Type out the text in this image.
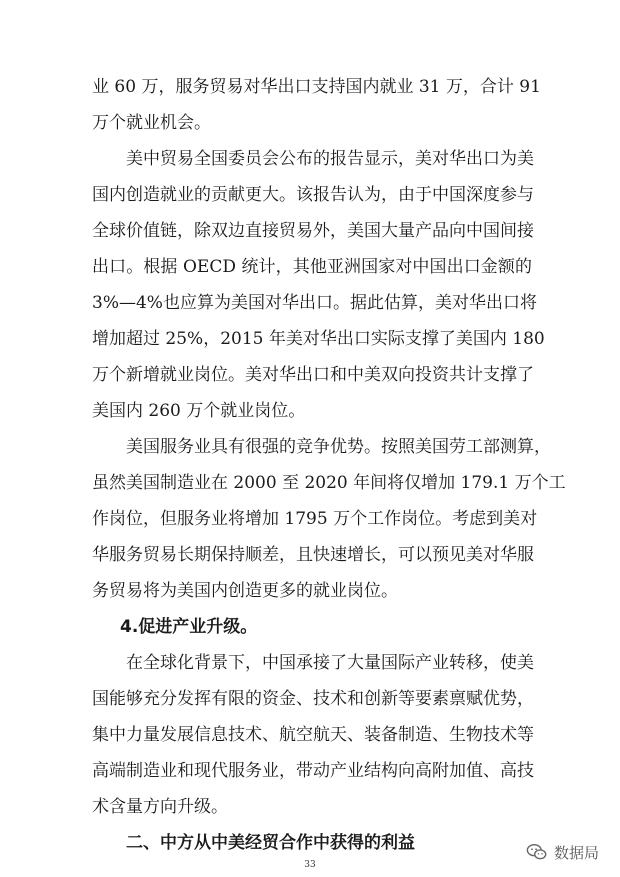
业 60 万，服务贸易对华出口支持国内就业 31 万，合计 91
万个就业机会。
美中贸易全国委员会公布的报告显示，美对华出口为美
国内创造就业的贡献更大。该报告认为，由于中国深度参与
全球价值链，除双边直接贸易外，美国大量产品向中国间接
出口。根据 OECD 统计，其他亚洲国家对中国出口金额的
3%—4%也应算为美国对华出口。据此估算，美对华出口将
增加超过 25%，2015 年美对华出口实际支撑了美国内 180
万个新增就业岗位。美对华出口和中美双向投资共计支撑了
美国内 260 万个就业岗位。
美国服务业具有很强的竞争优势。按照美国劳工部测算，
虽然美国制造业在 2000 至 2020 年间将仅增加 179.1 万个工
作岗位，但服务业将增加 1795 万个工作岗位。考虑到美对
华服务贸易长期保持顺差，且快速增长，可以预见美对华服
务贸易将为美国内创造更多的就业岗位。
4.促进产业升级。
在全球化背景下，中国承接了大量国际产业转移，使美
国能够充分发挥有限的资金、技术和创新等要素禀赋优势，
集中力量发展信息技术、航空航天、装备制造、生物技术等
高端制造业和现代服务业，带动产业结构向高附加值、高技
术含量方向升级。
二、中方从中美经贸合作中获得的利益	数据局
33
